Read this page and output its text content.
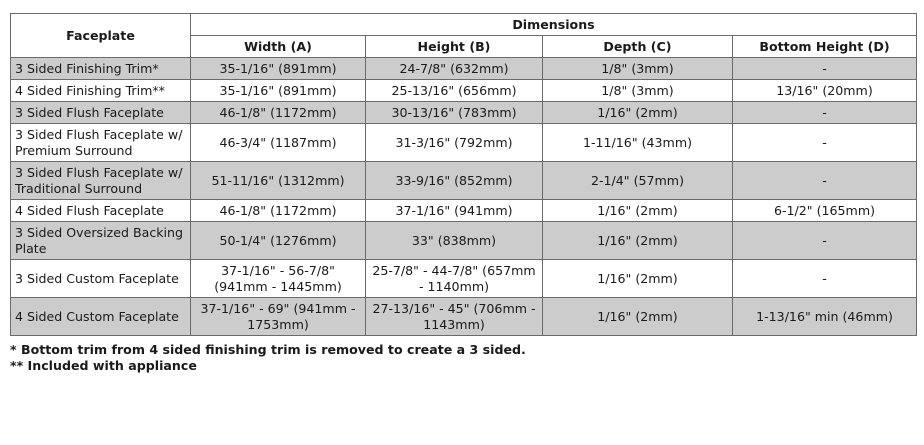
Faceplate	Dimensions			
	Width (A)	Height (B)	Depth (C)	Bottom Height (D)
3 Sided Finishing Trim*	35-1/16" (891mm)	24-7/8" (632mm)	1/8" (3mm)	-
4 Sided Finishing Trim**	35-1/16" (891mm)	25-13/16" (656mm)	1/8" (3mm)	13/16" (20mm)
3 Sided Flush Faceplate	46-1/8" (1172mm)	30-13/16" (783mm)	1/16" (2mm)	-
3 Sided Flush Faceplate w/ Premium Surround	46-3/4" (1187mm)	31-3/16" (792mm)	1-11/16" (43mm)	-
3 Sided Flush Faceplate w/ Traditional Surround	51-11/16" (1312mm)	33-9/16" (852mm)	2-1/4" (57mm)	-
4 Sided Flush Faceplate	46-1/8" (1172mm)	37-1/16" (941mm)	1/16" (2mm)	6-1/2" (165mm)
3 Sided Oversized Backing Plate	50-1/4" (1276mm)	33" (838mm)	1/16" (2mm)	-
3 Sided Custom Faceplate	37-1/16" - 56-7/8" (941mm - 1445mm)	25-7/8" - 44-7/8" (657mm - 1140mm)	1/16" (2mm)	-
4 Sided Custom Faceplate	37-1/16" - 69" (941mm - 1753mm)	27-13/16" - 45" (706mm - 1143mm)	1/16" (2mm)	1-13/16" min (46mm)
* Bottom trim from 4 sided finishing trim is removed to create a 3 sided.
** Included with appliance
